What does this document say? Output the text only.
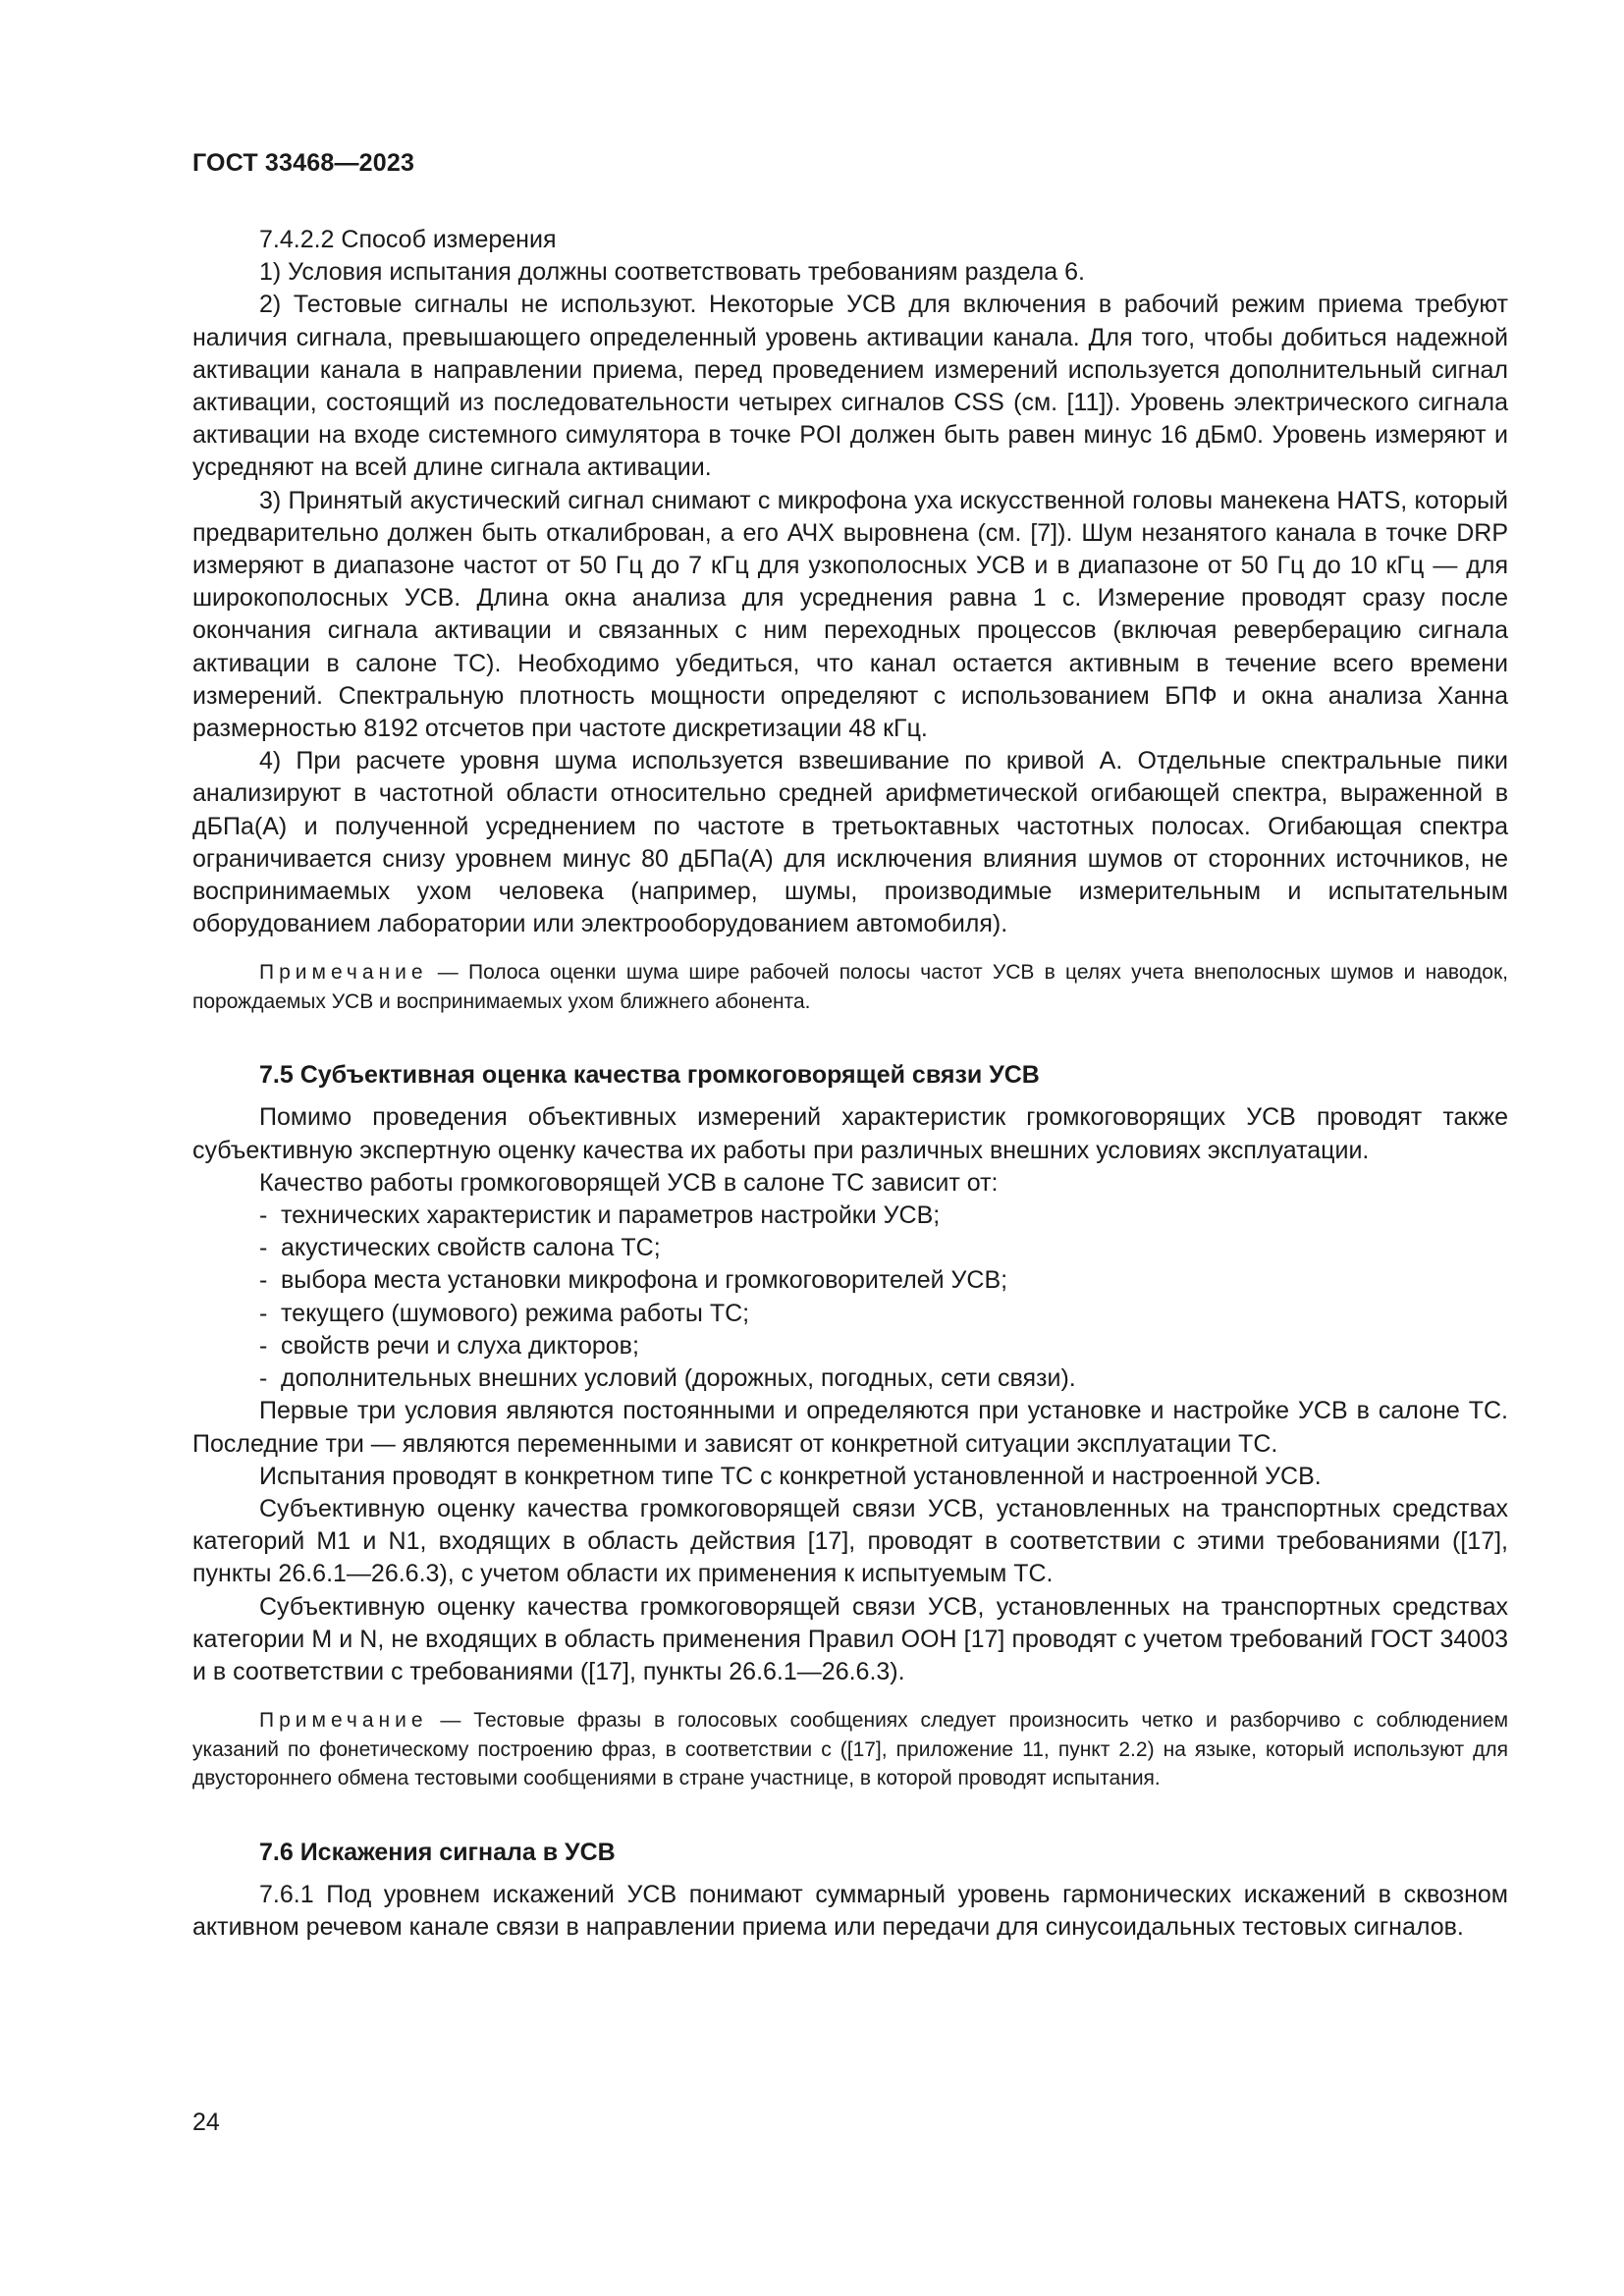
ГОСТ 33468—2023

7.4.2.2 Способ измерения

1) Условия испытания должны соответствовать требованиям раздела 6.

2) Тестовые сигналы не используют. Некоторые УСВ для включения в рабочий режим приема требуют наличия сигнала, превышающего определенный уровень активации канала. Для того, чтобы добиться надежной активации канала в направлении приема, перед проведением измерений используется дополнительный сигнал активации, состоящий из последовательности четырех сигналов CSS (см. [11]). Уровень электрического сигнала активации на входе системного симулятора в точке POI должен быть равен минус 16 дБм0. Уровень измеряют и усредняют на всей длине сигнала активации.

3) Принятый акустический сигнал снимают с микрофона уха искусственной головы манекена HATS, который предварительно должен быть откалиброван, а его АЧХ выровнена (см. [7]). Шум незанятого канала в точке DRP измеряют в диапазоне частот от 50 Гц до 7 кГц для узкополосных УСВ и в диапазоне от 50 Гц до 10 кГц — для широкополосных УСВ. Длина окна анализа для усреднения равна 1 с. Измерение проводят сразу после окончания сигнала активации и связанных с ним переходных процессов (включая реверберацию сигнала активации в салоне ТС). Необходимо убедиться, что канал остается активным в течение всего времени измерений. Спектральную плотность мощности определяют с использованием БПФ и окна анализа Ханна размерностью 8192 отсчетов при частоте дискретизации 48 кГц.

4) При расчете уровня шума используется взвешивание по кривой А. Отдельные спектральные пики анализируют в частотной области относительно средней арифметической огибающей спектра, выраженной в дБПа(А) и полученной усреднением по частоте в третьоктавных частотных полосах. Огибающая спектра ограничивается снизу уровнем минус 80 дБПа(А) для исключения влияния шумов от сторонних источников, не воспринимаемых ухом человека (например, шумы, производимые измерительным и испытательным оборудованием лаборатории или электрооборудованием автомобиля).

Примечание — Полоса оценки шума шире рабочей полосы частот УСВ в целях учета внеполосных шумов и наводок, порождаемых УСВ и воспринимаемых ухом ближнего абонента.

7.5 Субъективная оценка качества громкоговорящей связи УСВ

Помимо проведения объективных измерений характеристик громкоговорящих УСВ проводят также субъективную экспертную оценку качества их работы при различных внешних условиях эксплуатации.

Качество работы громкоговорящей УСВ в салоне ТС зависит от:

- технических характеристик и параметров настройки УСВ;
- акустических свойств салона ТС;
- выбора места установки микрофона и громкоговорителей УСВ;
- текущего (шумового) режима работы ТС;
- свойств речи и слуха дикторов;
- дополнительных внешних условий (дорожных, погодных, сети связи).

Первые три условия являются постоянными и определяются при установке и настройке УСВ в салоне ТС. Последние три — являются переменными и зависят от конкретной ситуации эксплуатации ТС.

Испытания проводят в конкретном типе ТС с конкретной установленной и настроенной УСВ.

Субъективную оценку качества громкоговорящей связи УСВ, установленных на транспортных средствах категорий М1 и N1, входящих в область действия [17], проводят в соответствии с этими требованиями ([17], пункты 26.6.1—26.6.3), с учетом области их применения к испытуемым ТС.

Субъективную оценку качества громкоговорящей связи УСВ, установленных на транспортных средствах категории М и N, не входящих в область применения Правил ООН [17] проводят с учетом требований ГОСТ 34003 и в соответствии с требованиями ([17], пункты 26.6.1—26.6.3).

Примечание — Тестовые фразы в голосовых сообщениях следует произносить четко и разборчиво с соблюдением указаний по фонетическому построению фраз, в соответствии с ([17], приложение 11, пункт 2.2) на языке, который используют для двустороннего обмена тестовыми сообщениями в стране участнице, в которой проводят испытания.

7.6 Искажения сигнала в УСВ

7.6.1 Под уровнем искажений УСВ понимают суммарный уровень гармонических искажений в сквозном активном речевом канале связи в направлении приема или передачи для синусоидальных тестовых сигналов.

24
